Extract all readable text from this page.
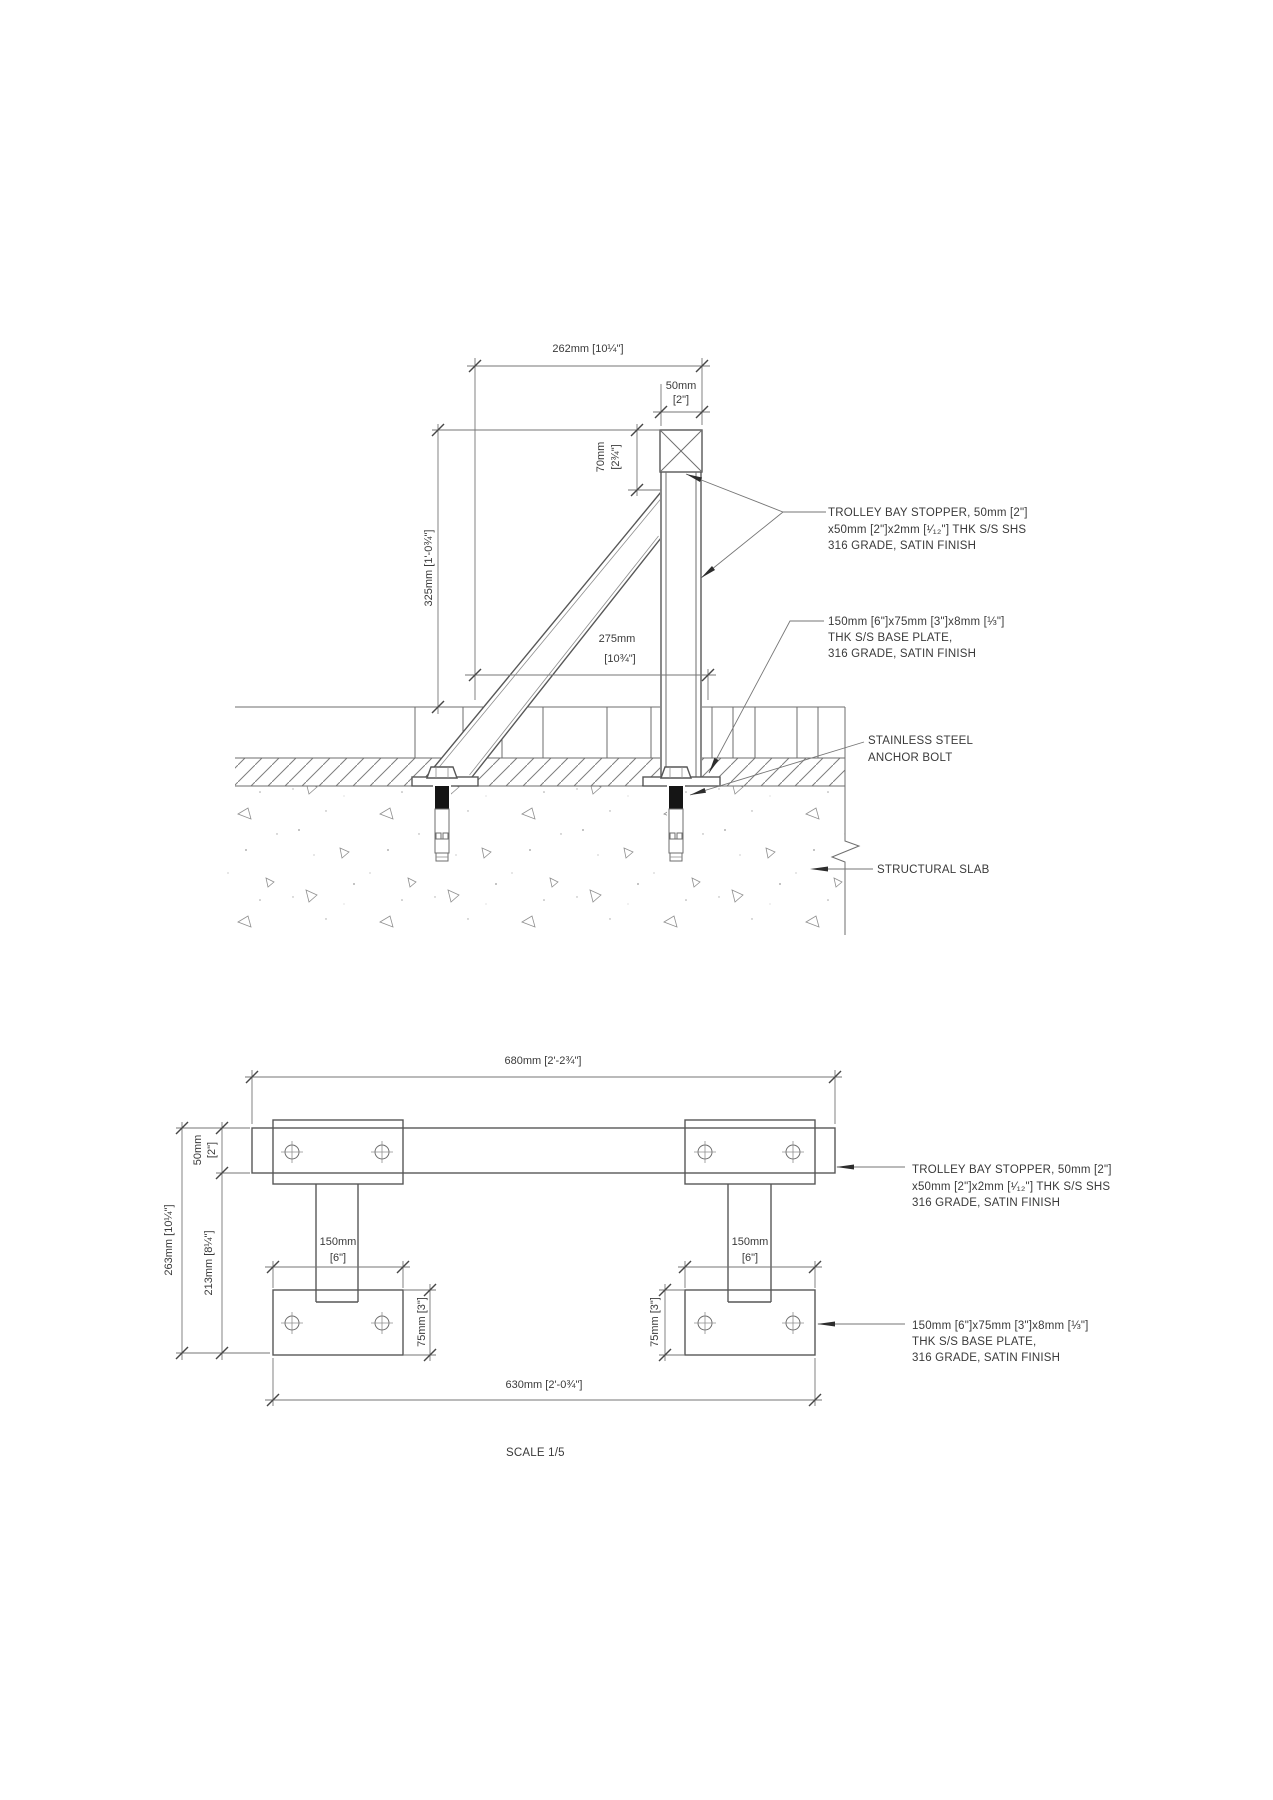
262mm [10¼"]
50mm
[2"]
70mm [2¾"]
325mm [1'-0¾"]
275mm
[10¾"]
TROLLEY BAY STOPPER, 50mm [2"]
x50mm [2"]x2mm [¹⁄₁₂"] THK S/S SHS
316 GRADE, SATIN FINISH
150mm [6"]x75mm [3"]x8mm [⅓"]
THK S/S BASE PLATE,
316 GRADE, SATIN FINISH
STAINLESS STEEL
ANCHOR BOLT
STRUCTURAL SLAB
680mm [2'-2¾"]
50mm [2"]
263mm [10¼"]	213mm [8¼"]	150mm
[6"]
150mm
[6"]
75mm [3"]	75mm [3"]
630mm [2'-0¾"]
TROLLEY BAY STOPPER, 50mm [2"]
x50mm [2"]x2mm [¹⁄₁₂"] THK S/S SHS
316 GRADE, SATIN FINISH
150mm [6"]x75mm [3"]x8mm [⅓"]
THK S/S BASE PLATE,
316 GRADE, SATIN FINISH
SCALE 1/5
